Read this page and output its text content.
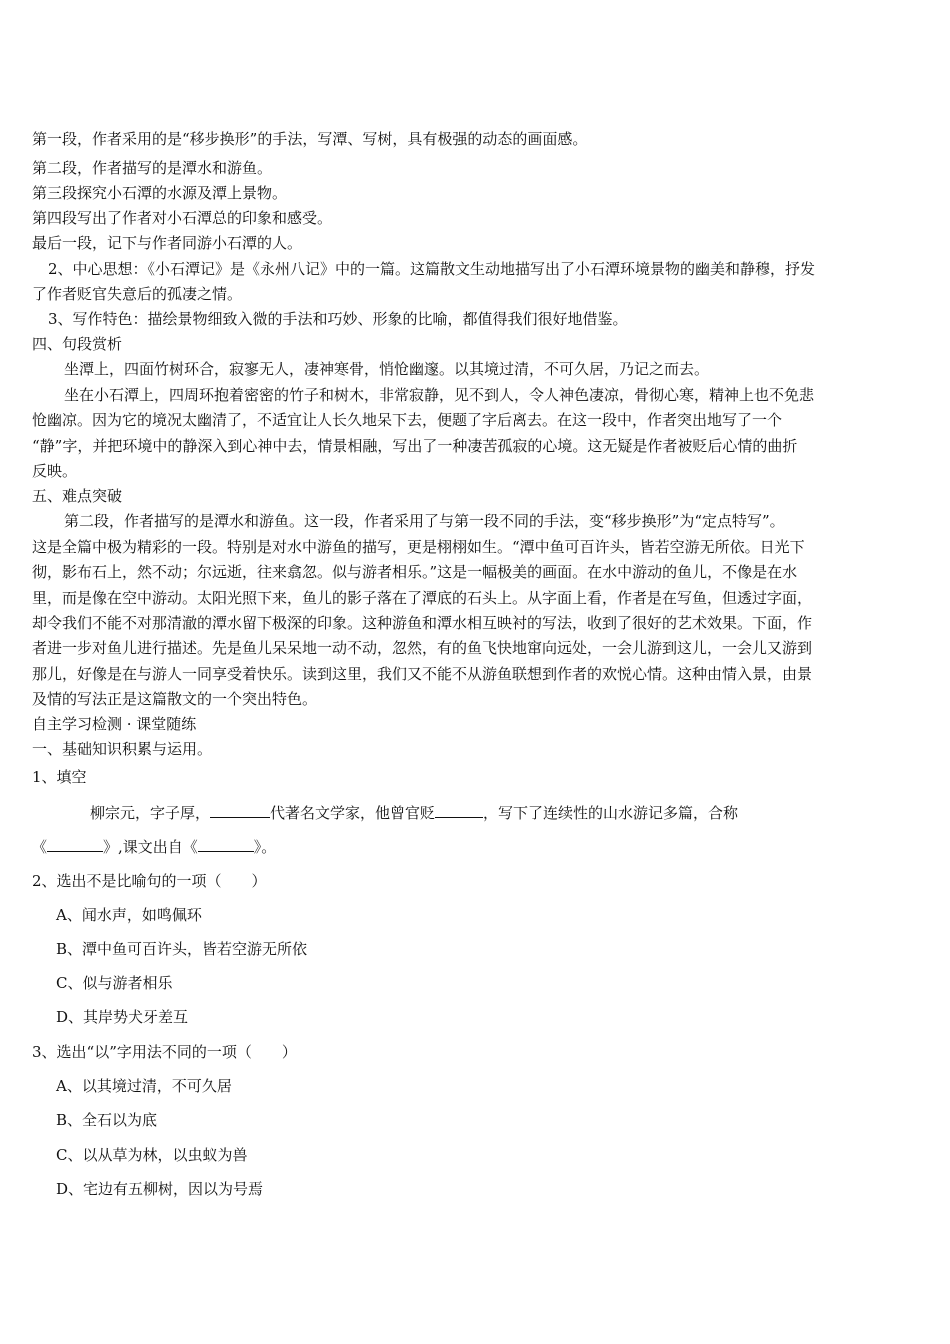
第一段，作者采用的是“移步换形”的手法，写潭、写树，具有极强的动态的画面感。
第二段，作者描写的是潭水和游鱼。
第三段探究小石潭的水源及潭上景物。
第四段写出了作者对小石潭总的印象和感受。
最后一段，记下与作者同游小石潭的人。
2、中心思想：《小石潭记》是《永州八记》中的一篇。这篇散文生动地描写出了小石潭环境景物的幽美和静穆，抒发
了作者贬官失意后的孤凄之情。
3、写作特色：描绘景物细致入微的手法和巧妙、形象的比喻，都值得我们很好地借鉴。
四、句段赏析
坐潭上，四面竹树环合，寂寥无人，凄神寒骨，悄怆幽邃。以其境过清，不可久居，乃记之而去。
坐在小石潭上，四周环抱着密密的竹子和树木，非常寂静，见不到人，令人神色凄凉，骨彻心寒，精神上也不免悲
怆幽凉。因为它的境况太幽清了，不适宜让人长久地呆下去，便题了字后离去。在这一段中，作者突出地写了一个
“静”字，并把环境中的静深入到心神中去，情景相融，写出了一种凄苦孤寂的心境。这无疑是作者被贬后心情的曲折
反映。
五、难点突破
第二段，作者描写的是潭水和游鱼。这一段，作者采用了与第一段不同的手法，变“移步换形”为“定点特写”。
这是全篇中极为精彩的一段。特别是对水中游鱼的描写，更是栩栩如生。“潭中鱼可百许头，皆若空游无所依。日光下
彻，影布石上，然不动；尔远逝，往来翕忽。似与游者相乐。”这是一幅极美的画面。在水中游动的鱼儿，不像是在水
里，而是像在空中游动。太阳光照下来，鱼儿的影子落在了潭底的石头上。从字面上看，作者是在写鱼，但透过字面，
却令我们不能不对那清澈的潭水留下极深的印象。这种游鱼和潭水相互映衬的写法，收到了很好的艺术效果。下面，作
者进一步对鱼儿进行描述。先是鱼儿呆呆地一动不动，忽然，有的鱼飞快地窜向远处，一会儿游到这儿，一会儿又游到
那儿，好像是在与游人一同享受着快乐。读到这里，我们又不能不从游鱼联想到作者的欢悦心情。这种由情入景，由景
及情的写法正是这篇散文的一个突出特色。
自主学习检测 · 课堂随练
一、基础知识积累与运用。
1、填空
柳宗元，字子厚，	代著名文学家，他曾官贬	，写下了连续性的山水游记多篇，合称
《	》,课文出自《	》。
2、选出不是比喻句的一项（　　）
A、闻水声，如鸣佩环
B、潭中鱼可百许头，皆若空游无所依
C、似与游者相乐
D、其岸势犬牙差互
3、选出“以”字用法不同的一项（　　）
A、以其境过清，不可久居
B、全石以为底
C、以从草为林，以虫蚁为兽
D、宅边有五柳树，因以为号焉
